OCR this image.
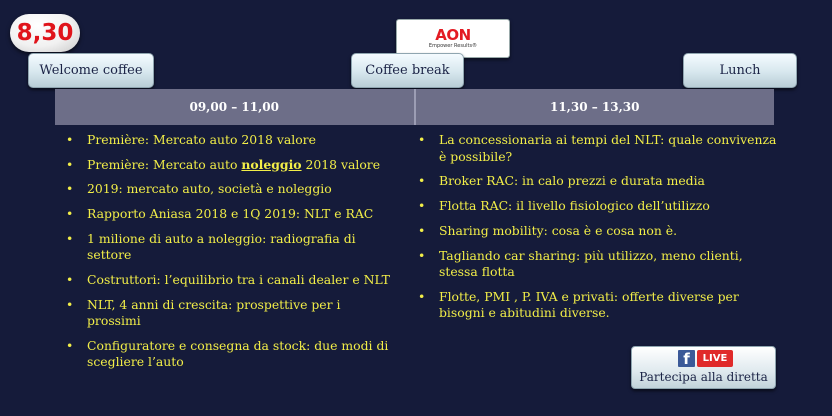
8,30	AON
Empower Results®
Welcome coffee	Coffee break	Lunch
09,00 – 11,00	11,30 – 13,30
• Première: Mercato auto 2018 valore
• Première: Mercato auto noleggio 2018 valore
• 2019: mercato auto, società e noleggio
• Rapporto Aniasa 2018 e 1Q 2019: NLT e RAC
• 1 milione di auto a noleggio: radiografia di settore
• Costruttori: l’equilibrio tra i canali dealer e NLT
• NLT, 4 anni di crescita: prospettive per i prossimi
• Configuratore e consegna da stock: due modi di scegliere l’auto
• La concessionaria ai tempi del NLT: quale convivenza è possibile?
• Broker RAC: in calo prezzi e durata media
• Flotta RAC: il livello fisiologico dell’utilizzo
• Sharing mobility: cosa è e cosa non è.
• Tagliando car sharing: più utilizzo, meno clienti, stessa flotta
• Flotte, PMI , P. IVA e privati: offerte diverse per bisogni e abitudini diverse.
f	LIVE
Partecipa alla diretta
